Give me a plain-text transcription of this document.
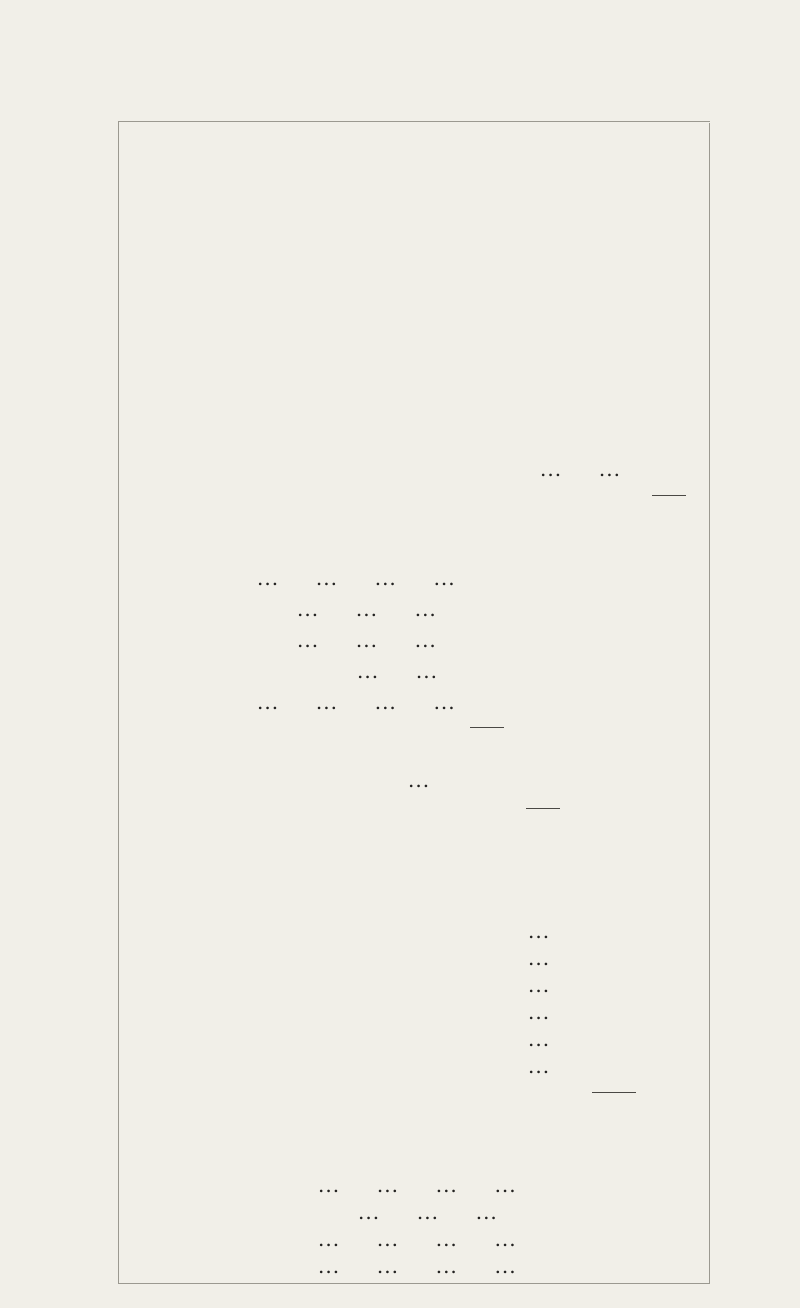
...     ...
...     ...     ...     ...
...     ...     ...
...     ...     ...
...     ...
...     ...     ...     ...
...
...
...
...
...
...
...
...     ...     ...     ...
...     ...     ...
...     ...     ...     ...
...     ...     ...     ...
